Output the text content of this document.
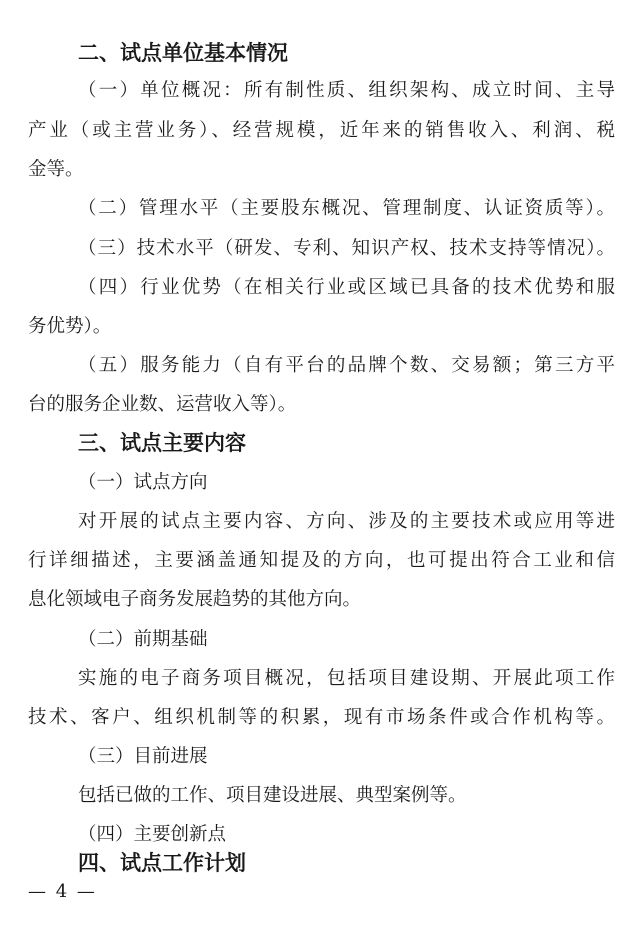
二、试点单位基本情况
（一）单位概况：所有制性质、组织架构、成立时间、主导
产业（或主营业务）、经营规模，近年来的销售收入、利润、税
金等。
（二）管理水平（主要股东概况、管理制度、认证资质等）。
（三）技术水平（研发、专利、知识产权、技术支持等情况）。
（四）行业优势（在相关行业或区域已具备的技术优势和服
务优势）。
（五）服务能力（自有平台的品牌个数、交易额；第三方平
台的服务企业数、运营收入等）。
三、试点主要内容
（一）试点方向
对开展的试点主要内容、方向、涉及的主要技术或应用等进
行详细描述，主要涵盖通知提及的方向，也可提出符合工业和信
息化领域电子商务发展趋势的其他方向。
（二）前期基础
实施的电子商务项目概况，包括项目建设期、开展此项工作
技术、客户、组织机制等的积累，现有市场条件或合作机构等。
（三）目前进展
包括已做的工作、项目建设进展、典型案例等。
（四）主要创新点
四、试点工作计划
— 4 —
